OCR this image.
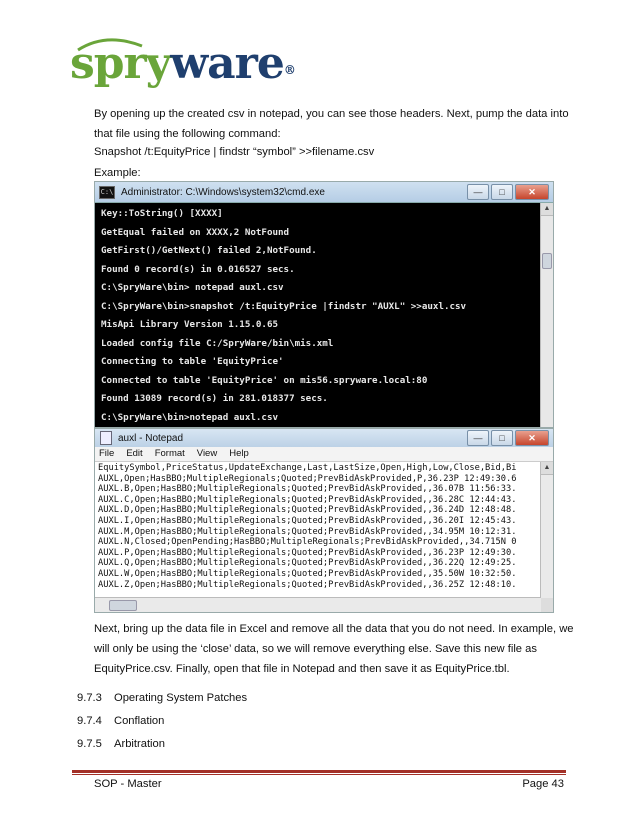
spryware®
By opening up the created csv in notepad, you can see those headers. Next, pump the data into that file using the following command:
Snapshot /t:EquityPrice | findstr “symbol” >>filename.csv
Example:
C:\ Administrator: C:\Windows\system32\cmd.exe	—	□	✕
Key::ToString() [XXXX]
GetEqual failed on XXXX,2 NotFound
GetFirst()/GetNext() failed 2,NotFound.
Found 0 record(s) in 0.016527 secs.
C:\SpryWare\bin> notepad auxl.csv
C:\SpryWare\bin>snapshot /t:EquityPrice |findstr "AUXL" >>auxl.csv
MisApi Library Version 1.15.0.65
Loaded config file C:/SpryWare/bin\mis.xml
Connecting to table 'EquityPrice'
Connected to table 'EquityPrice' on mis56.spryware.local:80
Found 13089 record(s) in 281.018377 secs.
C:\SpryWare\bin>notepad auxl.csv
▲
auxl - Notepad	—	□	✕
File Edit Format View Help
EquitySymbol,PriceStatus,UpdateExchange,Last,LastSize,Open,High,Low,Close,Bid,Bi
AUXL,Open;HasBBO;MultipleRegionals;Quoted;PrevBidAskProvided,P,36.23P 12:49:30.6
AUXL.B,Open;HasBBO;MultipleRegionals;Quoted;PrevBidAskProvided,,36.07B 11:56:33.
AUXL.C,Open;HasBBO;MultipleRegionals;Quoted;PrevBidAskProvided,,36.28C 12:44:43.
AUXL.D,Open;HasBBO;MultipleRegionals;Quoted;PrevBidAskProvided,,36.24D 12:48:48.
AUXL.I,Open;HasBBO;MultipleRegionals;Quoted;PrevBidAskProvided,,36.20I 12:45:43.
AUXL.M,Open;HasBBO;MultipleRegionals;Quoted;PrevBidAskProvided,,34.95M 10:12:31.
AUXL.N,Closed;OpenPending;HasBBO;MultipleRegionals;PrevBidAskProvided,,34.715N 0
AUXL.P,Open;HasBBO;MultipleRegionals;Quoted;PrevBidAskProvided,,36.23P 12:49:30.
AUXL.Q,Open;HasBBO;MultipleRegionals;Quoted;PrevBidAskProvided,,36.22Q 12:49:25.
AUXL.W,Open;HasBBO;MultipleRegionals;Quoted;PrevBidAskProvided,,35.50W 10:32:50.
AUXL.Z,Open;HasBBO;MultipleRegionals;Quoted;PrevBidAskProvided,,36.25Z 12:48:10.
▲
Next, bring up the data file in Excel and remove all the data that you do not need. In example, we will only be using the ‘close’ data, so we will remove everything else. Save this new file as EquityPrice.csv. Finally, open that file in Notepad and then save it as EquityPrice.tbl.
9.7.3 Operating System Patches
9.7.4 Conflation
9.7.5 Arbitration
SOP - Master	Page 43
